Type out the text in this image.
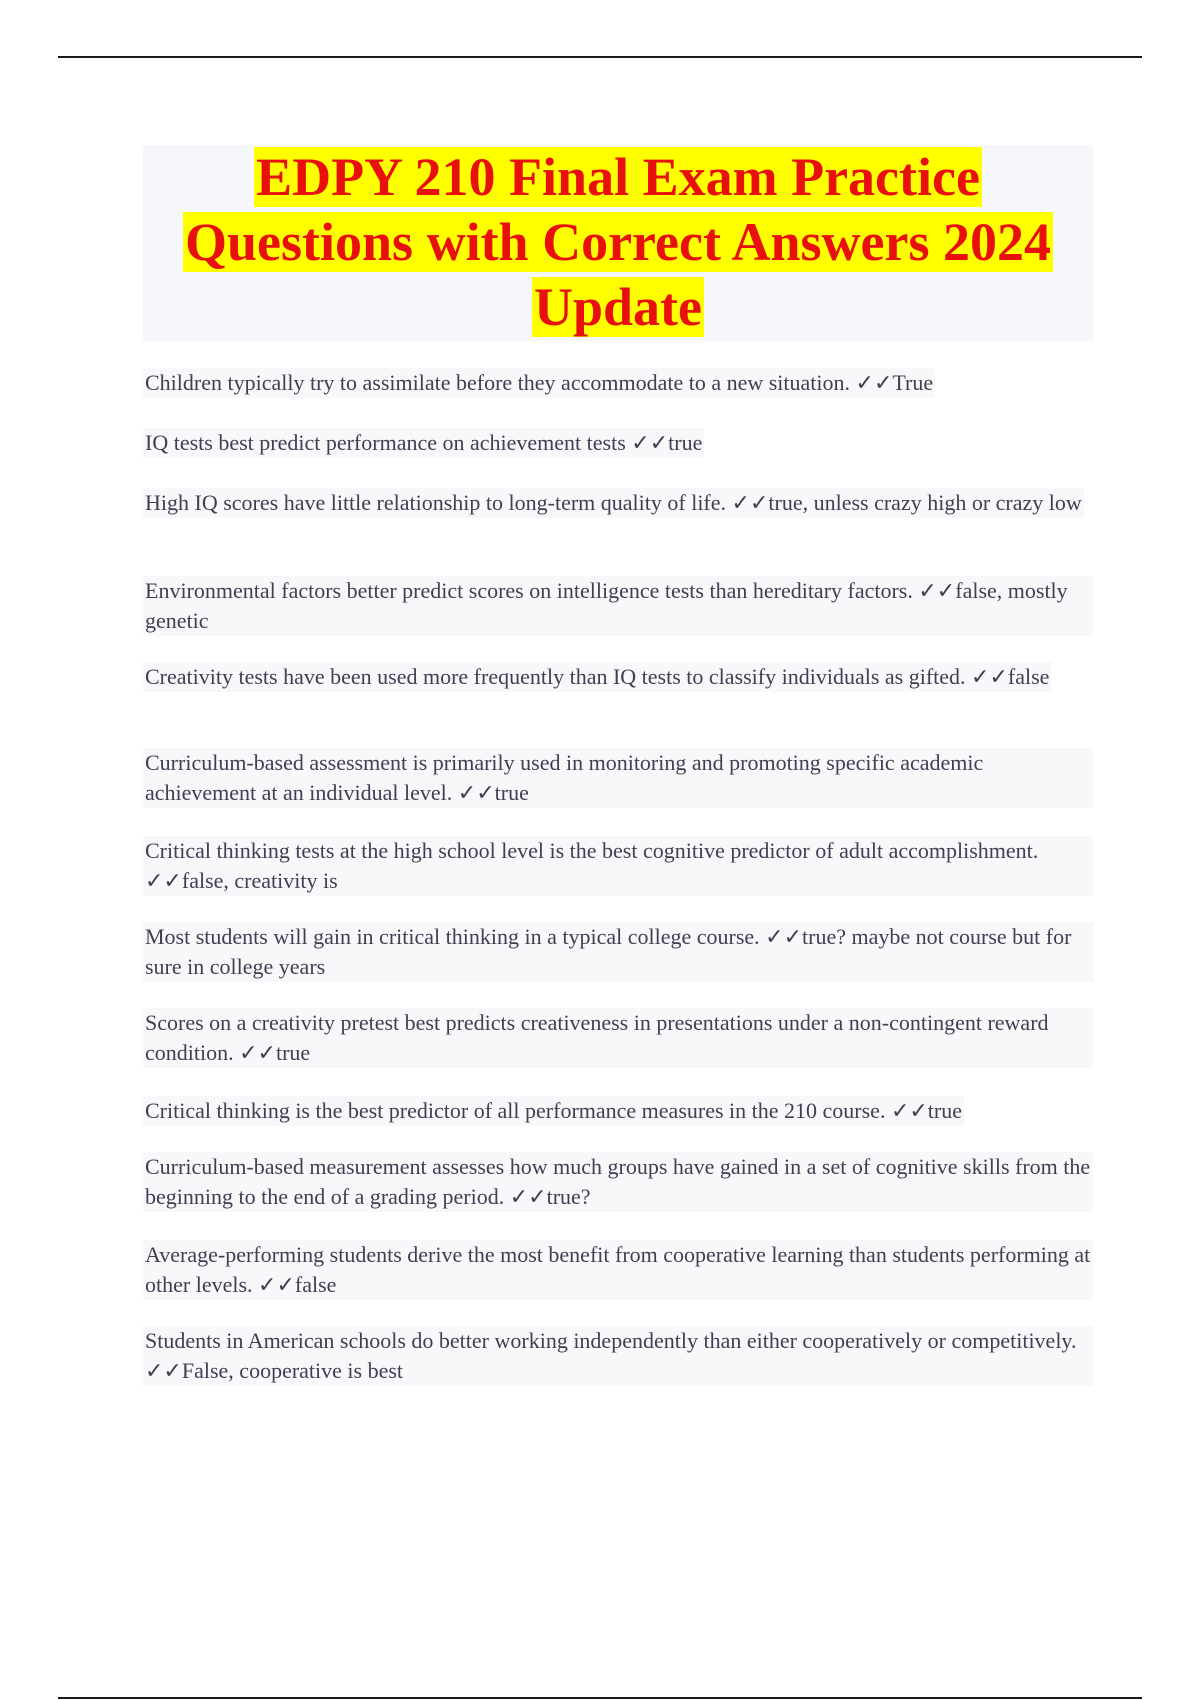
EDPY 210 Final Exam Practice
Questions with Correct Answers 2024
Update
Children typically try to assimilate before they accommodate to a new situation. ✓✓True
IQ tests best predict performance on achievement tests ✓✓true
High IQ scores have little relationship to long-term quality of life. ✓✓true, unless crazy high or crazy low
Environmental factors better predict scores on intelligence tests than hereditary factors. ✓✓false, mostly genetic
Creativity tests have been used more frequently than IQ tests to classify individuals as gifted. ✓✓false
Curriculum-based assessment is primarily used in monitoring and promoting specific academic achievement at an individual level. ✓✓true
Critical thinking tests at the high school level is the best cognitive predictor of adult accomplishment. ✓✓false, creativity is
Most students will gain in critical thinking in a typical college course. ✓✓true? maybe not course but for sure in college years
Scores on a creativity pretest best predicts creativeness in presentations under a non-contingent reward condition. ✓✓true
Critical thinking is the best predictor of all performance measures in the 210 course. ✓✓true
Curriculum-based measurement assesses how much groups have gained in a set of cognitive skills from the beginning to the end of a grading period. ✓✓true?
Average-performing students derive the most benefit from cooperative learning than students performing at other levels. ✓✓false
Students in American schools do better working independently than either cooperatively or competitively. ✓✓False, cooperative is best
